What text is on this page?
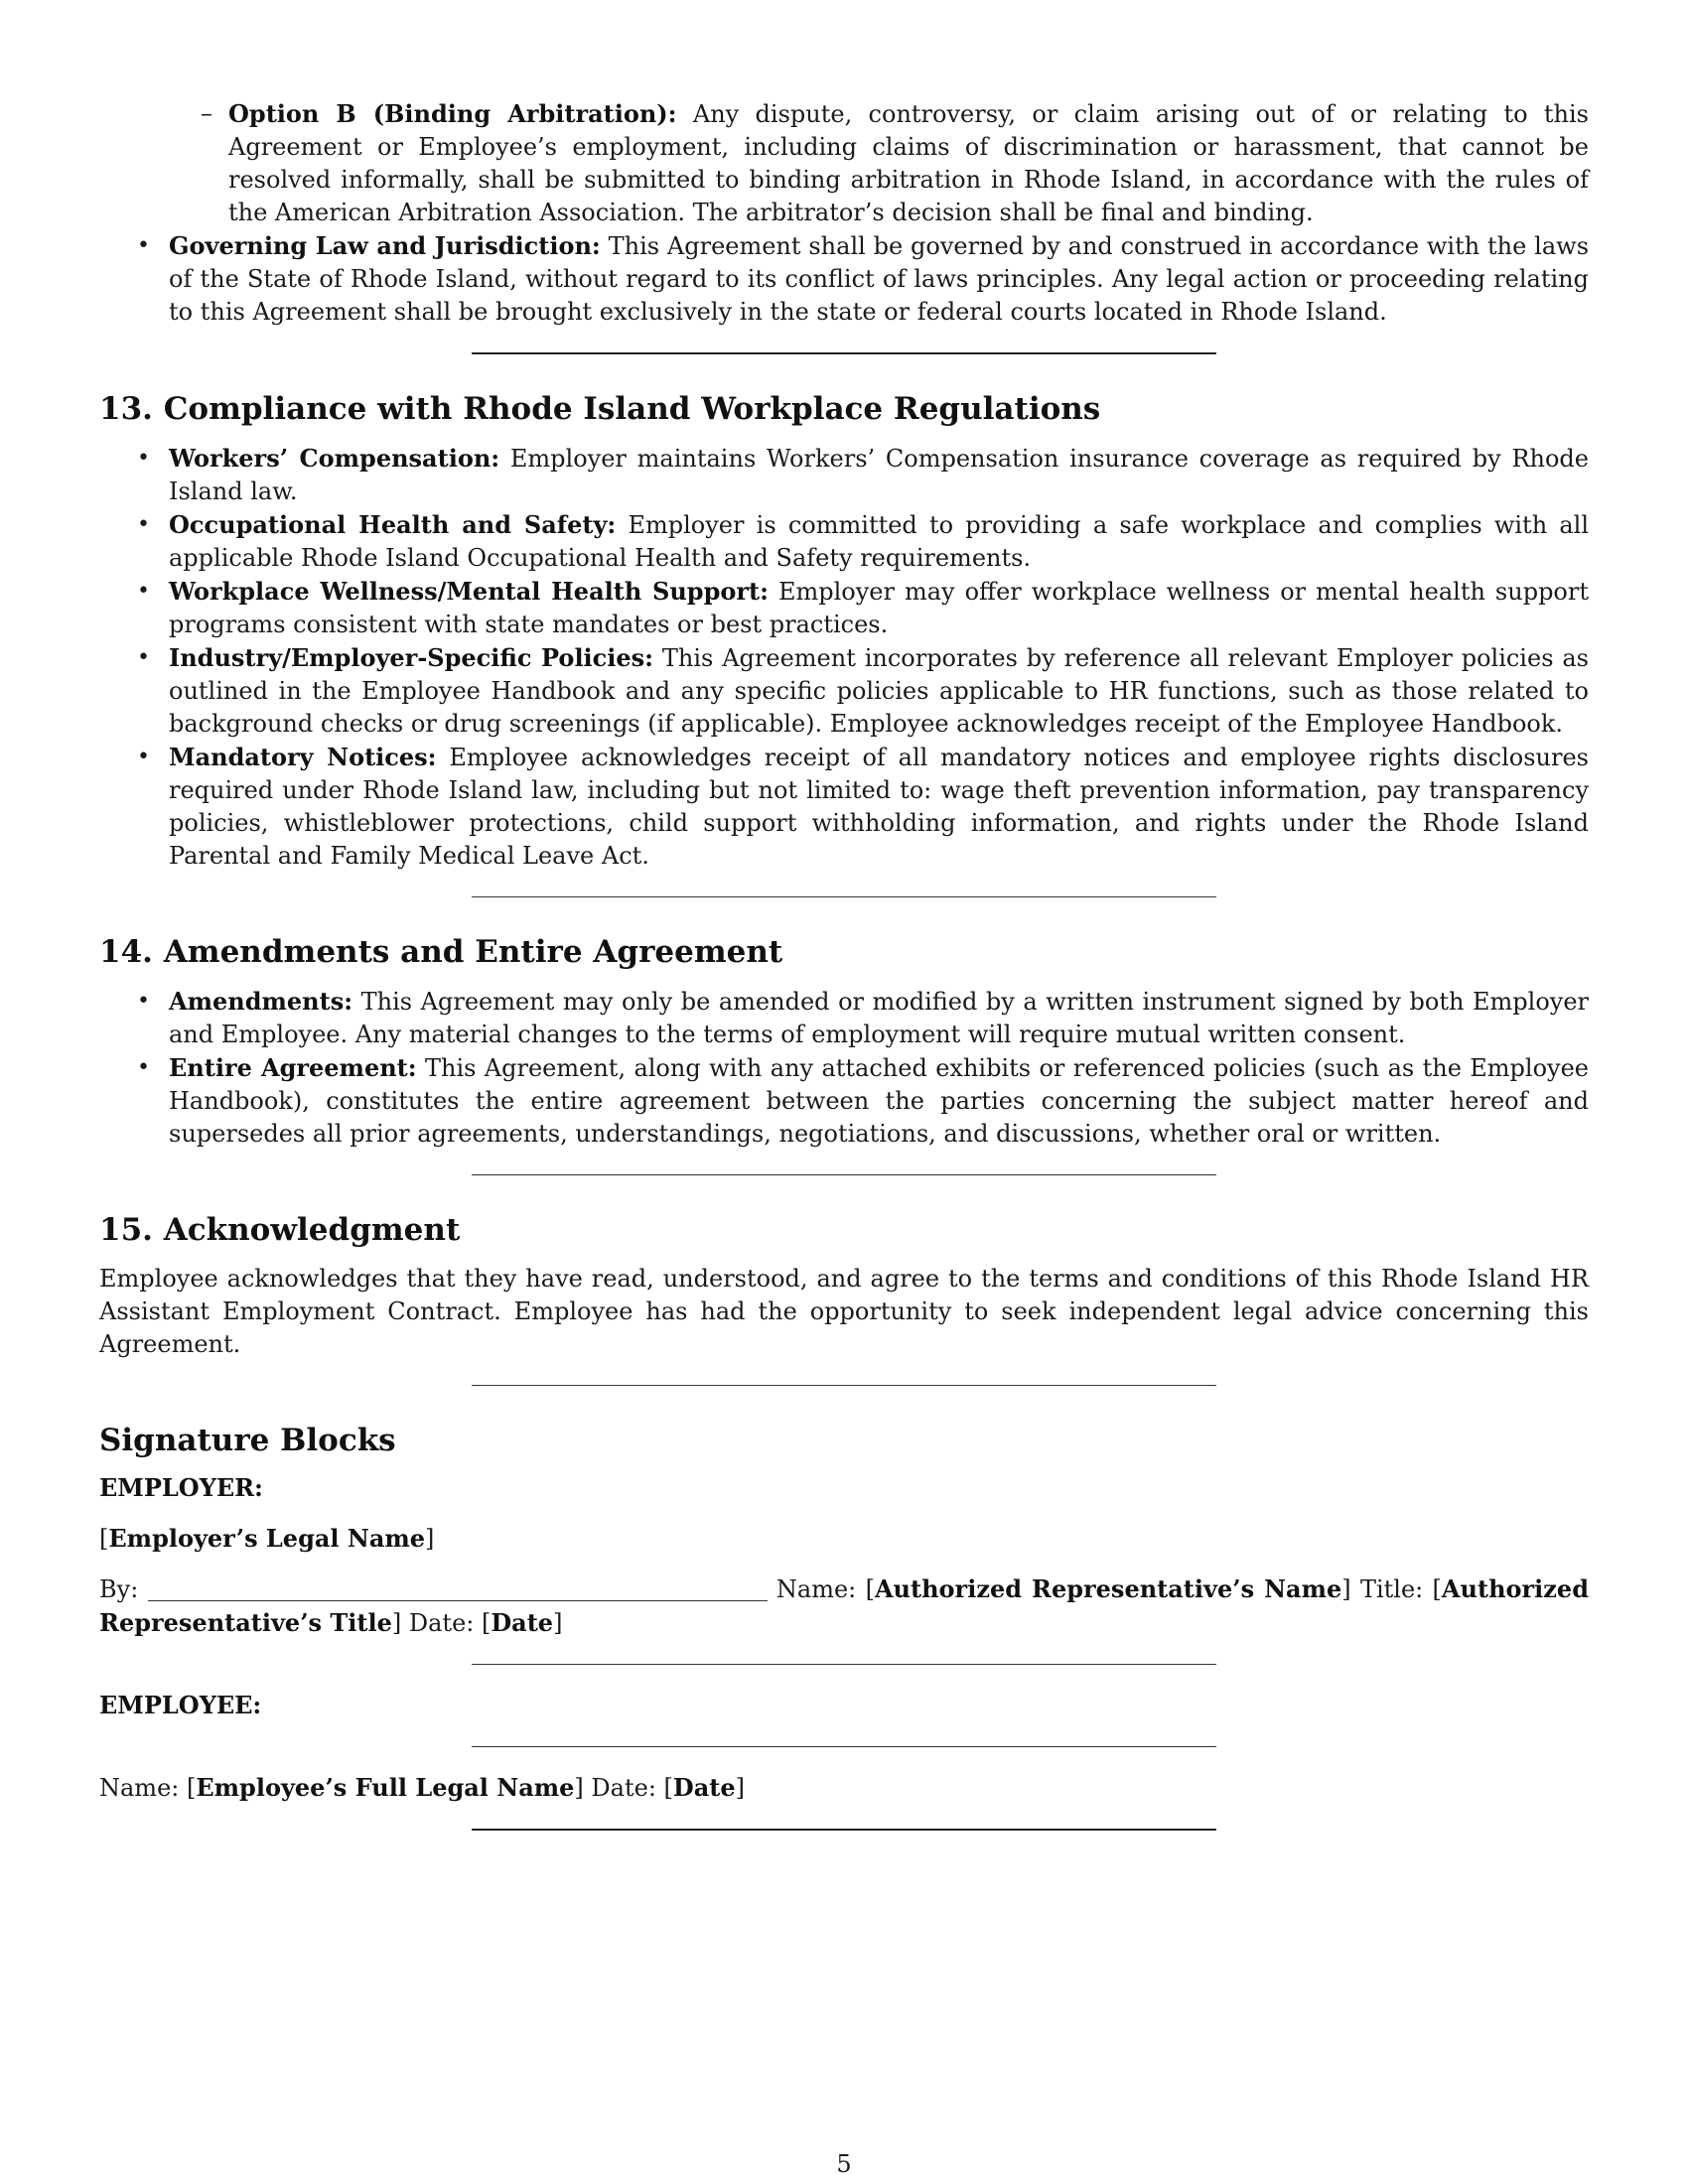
– Option B (Binding Arbitration): Any dispute, controversy, or claim arising out of or relating to this Agreement or Employee’s employment, including claims of discrimination or harassment, that cannot be resolved informally, shall be submitted to binding arbitration in Rhode Island, in accordance with the rules of the American Arbitration Association. The arbitrator’s decision shall be final and binding.
• Governing Law and Jurisdiction: This Agreement shall be governed by and construed in accordance with the laws of the State of Rhode Island, without regard to its conflict of laws principles. Any legal action or proceeding relating to this Agreement shall be brought exclusively in the state or federal courts located in Rhode Island.
13. Compliance with Rhode Island Workplace Regulations
• Workers’ Compensation: Employer maintains Workers’ Compensation insurance coverage as required by Rhode Island law.
• Occupational Health and Safety: Employer is committed to providing a safe workplace and complies with all applicable Rhode Island Occupational Health and Safety requirements.
• Workplace Wellness/Mental Health Support: Employer may offer workplace wellness or mental health support programs consistent with state mandates or best practices.
• Industry/Employer-Specific Policies: This Agreement incorporates by reference all relevant Employer policies as outlined in the Employee Handbook and any specific policies applicable to HR functions, such as those related to background checks or drug screenings (if applicable). Employee acknowledges receipt of the Employee Handbook.
• Mandatory Notices: Employee acknowledges receipt of all mandatory notices and employee rights disclosures required under Rhode Island law, including but not limited to: wage theft prevention information, pay transparency policies, whistleblower protections, child support withholding information, and rights under the Rhode Island Parental and Family Medical Leave Act.
14. Amendments and Entire Agreement
• Amendments: This Agreement may only be amended or modified by a written instrument signed by both Employer and Employee. Any material changes to the terms of employment will require mutual written consent.
• Entire Agreement: This Agreement, along with any attached exhibits or referenced policies (such as the Employee Handbook), constitutes the entire agreement between the parties concerning the subject matter hereof and supersedes all prior agreements, understandings, negotiations, and discussions, whether oral or written.
15. Acknowledgment

Employee acknowledges that they have read, understood, and agree to the terms and conditions of this Rhode Island HR Assistant Employment Contract. Employee has had the opportunity to seek independent legal advice concerning this Agreement.

Signature Blocks

EMPLOYER:

[Employer’s Legal Name]

By:	Name: [Authorized Representative’s Name] Title: [Authorized Representative’s Title] Date: [Date]

EMPLOYEE:

Name: [Employee’s Full Legal Name] Date: [Date]

5
